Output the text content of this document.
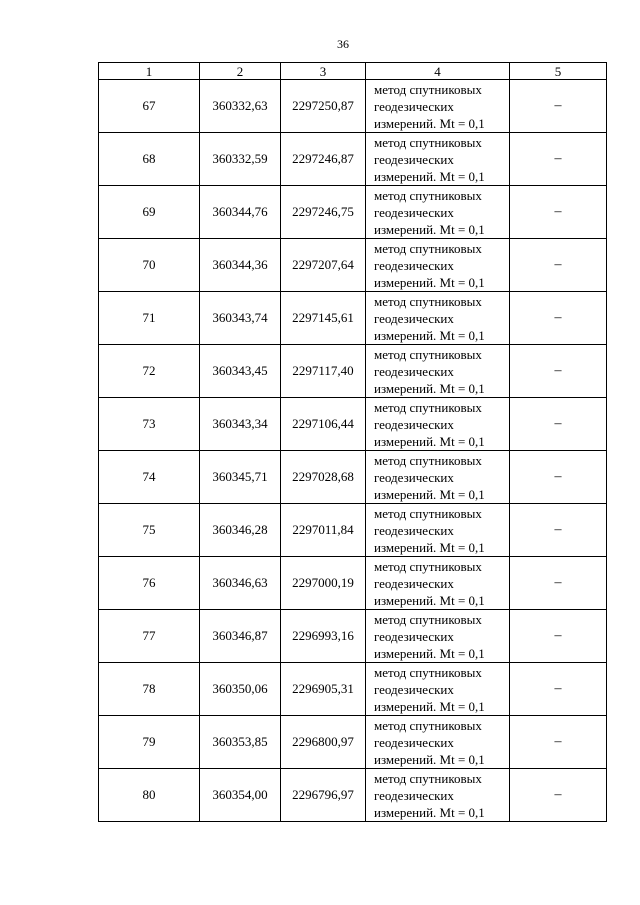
36
1	2	3	4	5
67	360332,63	2297250,87	метод спутниковых
геодезических
измерений. Mt = 0,1	–
68	360332,59	2297246,87	метод спутниковых
геодезических
измерений. Mt = 0,1	–
69	360344,76	2297246,75	метод спутниковых
геодезических
измерений. Mt = 0,1	–
70	360344,36	2297207,64	метод спутниковых
геодезических
измерений. Mt = 0,1	–
71	360343,74	2297145,61	метод спутниковых
геодезических
измерений. Mt = 0,1	–
72	360343,45	2297117,40	метод спутниковых
геодезических
измерений. Mt = 0,1	–
73	360343,34	2297106,44	метод спутниковых
геодезических
измерений. Mt = 0,1	–
74	360345,71	2297028,68	метод спутниковых
геодезических
измерений. Mt = 0,1	–
75	360346,28	2297011,84	метод спутниковых
геодезических
измерений. Mt = 0,1	–
76	360346,63	2297000,19	метод спутниковых
геодезических
измерений. Mt = 0,1	–
77	360346,87	2296993,16	метод спутниковых
геодезических
измерений. Mt = 0,1	–
78	360350,06	2296905,31	метод спутниковых
геодезических
измерений. Mt = 0,1	–
79	360353,85	2296800,97	метод спутниковых
геодезических
измерений. Mt = 0,1	–
80	360354,00	2296796,97	метод спутниковых
геодезических
измерений. Mt = 0,1	–
